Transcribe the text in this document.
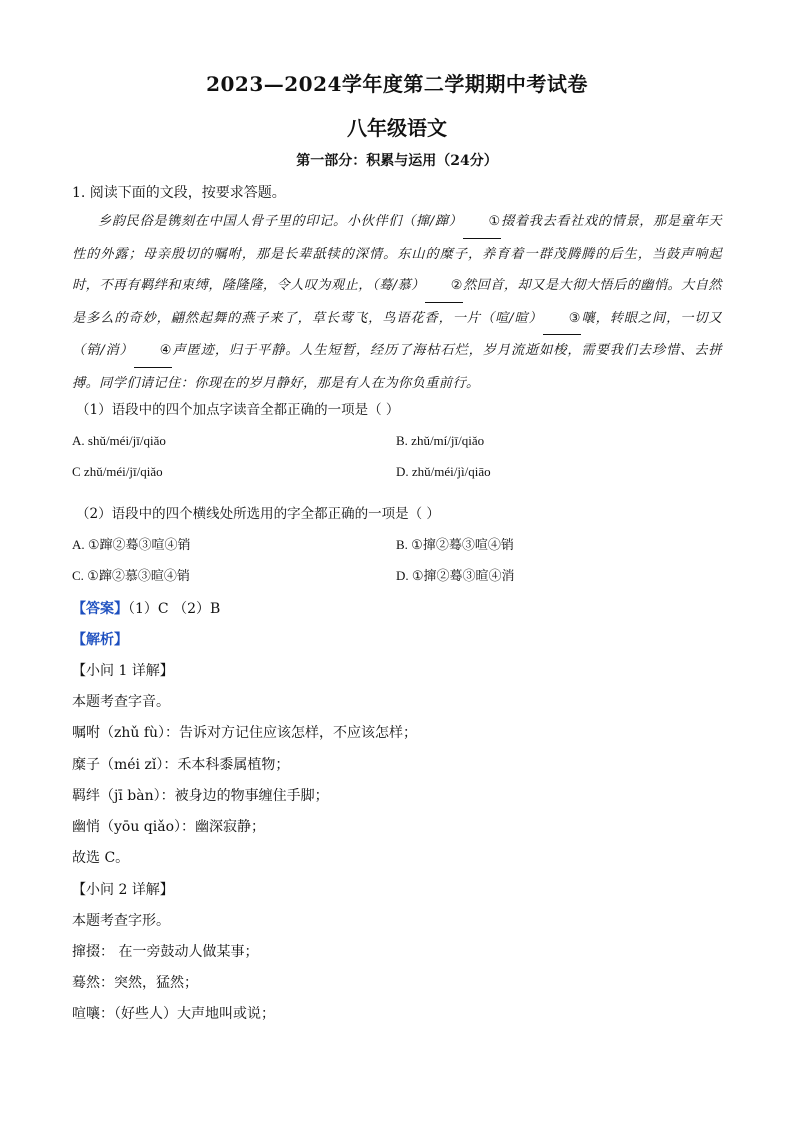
2023—2024学年度第二学期期中考试卷
八年级语文
第一部分：积累与运用（24分）
1. 阅读下面的文段，按要求答题。
乡韵民俗是镌刻在中国人骨子里的印记。小伙伴们（撺/蹿） ①掇着我去看社戏的情景，那是童年天性的外露；母亲殷切的嘱咐，那是长辈舐犊的深情。东山的糜子，养育着一群茂腾腾的后生，当鼓声响起时，不再有羁绊和束缚，隆隆隆，令人叹为观止，（蓦/慕） ②然回首，却又是大彻大悟后的幽悄。大自然是多么的奇妙，翩然起舞的燕子来了，草长莺飞，鸟语花香，一片（喧/暄） ③嚷，转眼之间，一切又（销/消） ④声匿迹，归于平静。人生短暂，经历了海枯石烂，岁月流逝如梭，需要我们去珍惜、去拼搏。同学们请记住：你现在的岁月静好，那是有人在为你负重前行。
（1）语段中的四个加点字读音全都正确的一项是（ ）
A. shǔ/méi/jī/qiǎo	B. zhǔ/mí/jī/qiǎo
C zhǔ/méi/jī/qiǎo	D. zhǔ/méi/jì/qiāo
（2）语段中的四个横线处所选用的字全都正确的一项是（ ）
A. ①蹿②蓦③喧④销	B. ①撺②蓦③喧④销
C. ①蹿②慕③暄④销	D. ①撺②蓦③暄④消
【答案】（1）C （2）B
【解析】
【小问 1 详解】
本题考查字音。
嘱咐（zhǔ fù）：告诉对方记住应该怎样，不应该怎样；
糜子（méi zǐ）：禾本科黍属植物；
羁绊（jī bàn）：被身边的物事缠住手脚；
幽悄（yōu qiǎo）：幽深寂静；
故选 C。
【小问 2 详解】
本题考查字形。
撺掇： 在一旁鼓动人做某事；
蓦然：突然，猛然；
喧嚷：（好些人）大声地叫或说；
